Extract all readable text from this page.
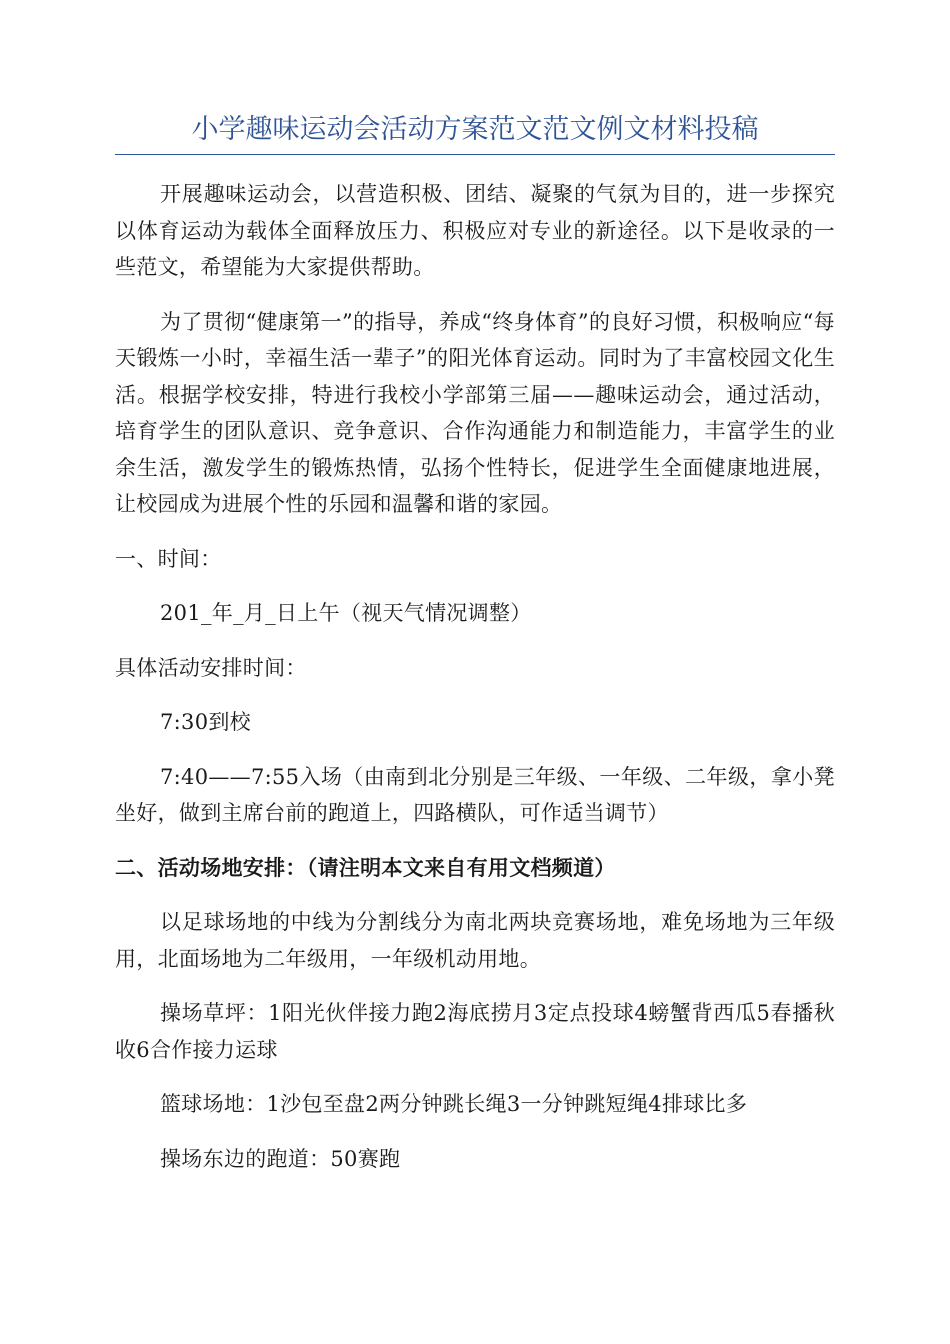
小学趣味运动会活动方案范文范文例文材料投稿

开展趣味运动会，以营造积极、团结、凝聚的气氛为目的，进一步探究以体育运动为载体全面释放压力、积极应对专业的新途径。以下是收录的一些范文，希望能为大家提供帮助。

为了贯彻“健康第一”的指导，养成“终身体育”的良好习惯，积极响应“每天锻炼一小时，幸福生活一辈子”的阳光体育运动。同时为了丰富校园文化生活。根据学校安排，特进行我校小学部第三届——趣味运动会，通过活动，培育学生的团队意识、竞争意识、合作沟通能力和制造能力，丰富学生的业余生活，激发学生的锻炼热情，弘扬个性特长，促进学生全面健康地进展，让校园成为进展个性的乐园和温馨和谐的家园。

一、时间：

201_年_月_日上午（视天气情况调整）

具体活动安排时间：

7:30到校

7:40——7:55入场（由南到北分别是三年级、一年级、二年级，拿小凳坐好，做到主席台前的跑道上，四路横队，可作适当调节）

二、活动场地安排：（请注明本文来自有用文档频道）

以足球场地的中线为分割线分为南北两块竞赛场地，难免场地为三年级用，北面场地为二年级用，一年级机动用地。

操场草坪：1阳光伙伴接力跑2海底捞月3定点投球4螃蟹背西瓜5春播秋收6合作接力运球

篮球场地：1沙包至盘2两分钟跳长绳3一分钟跳短绳4排球比多

操场东边的跑道：50赛跑
